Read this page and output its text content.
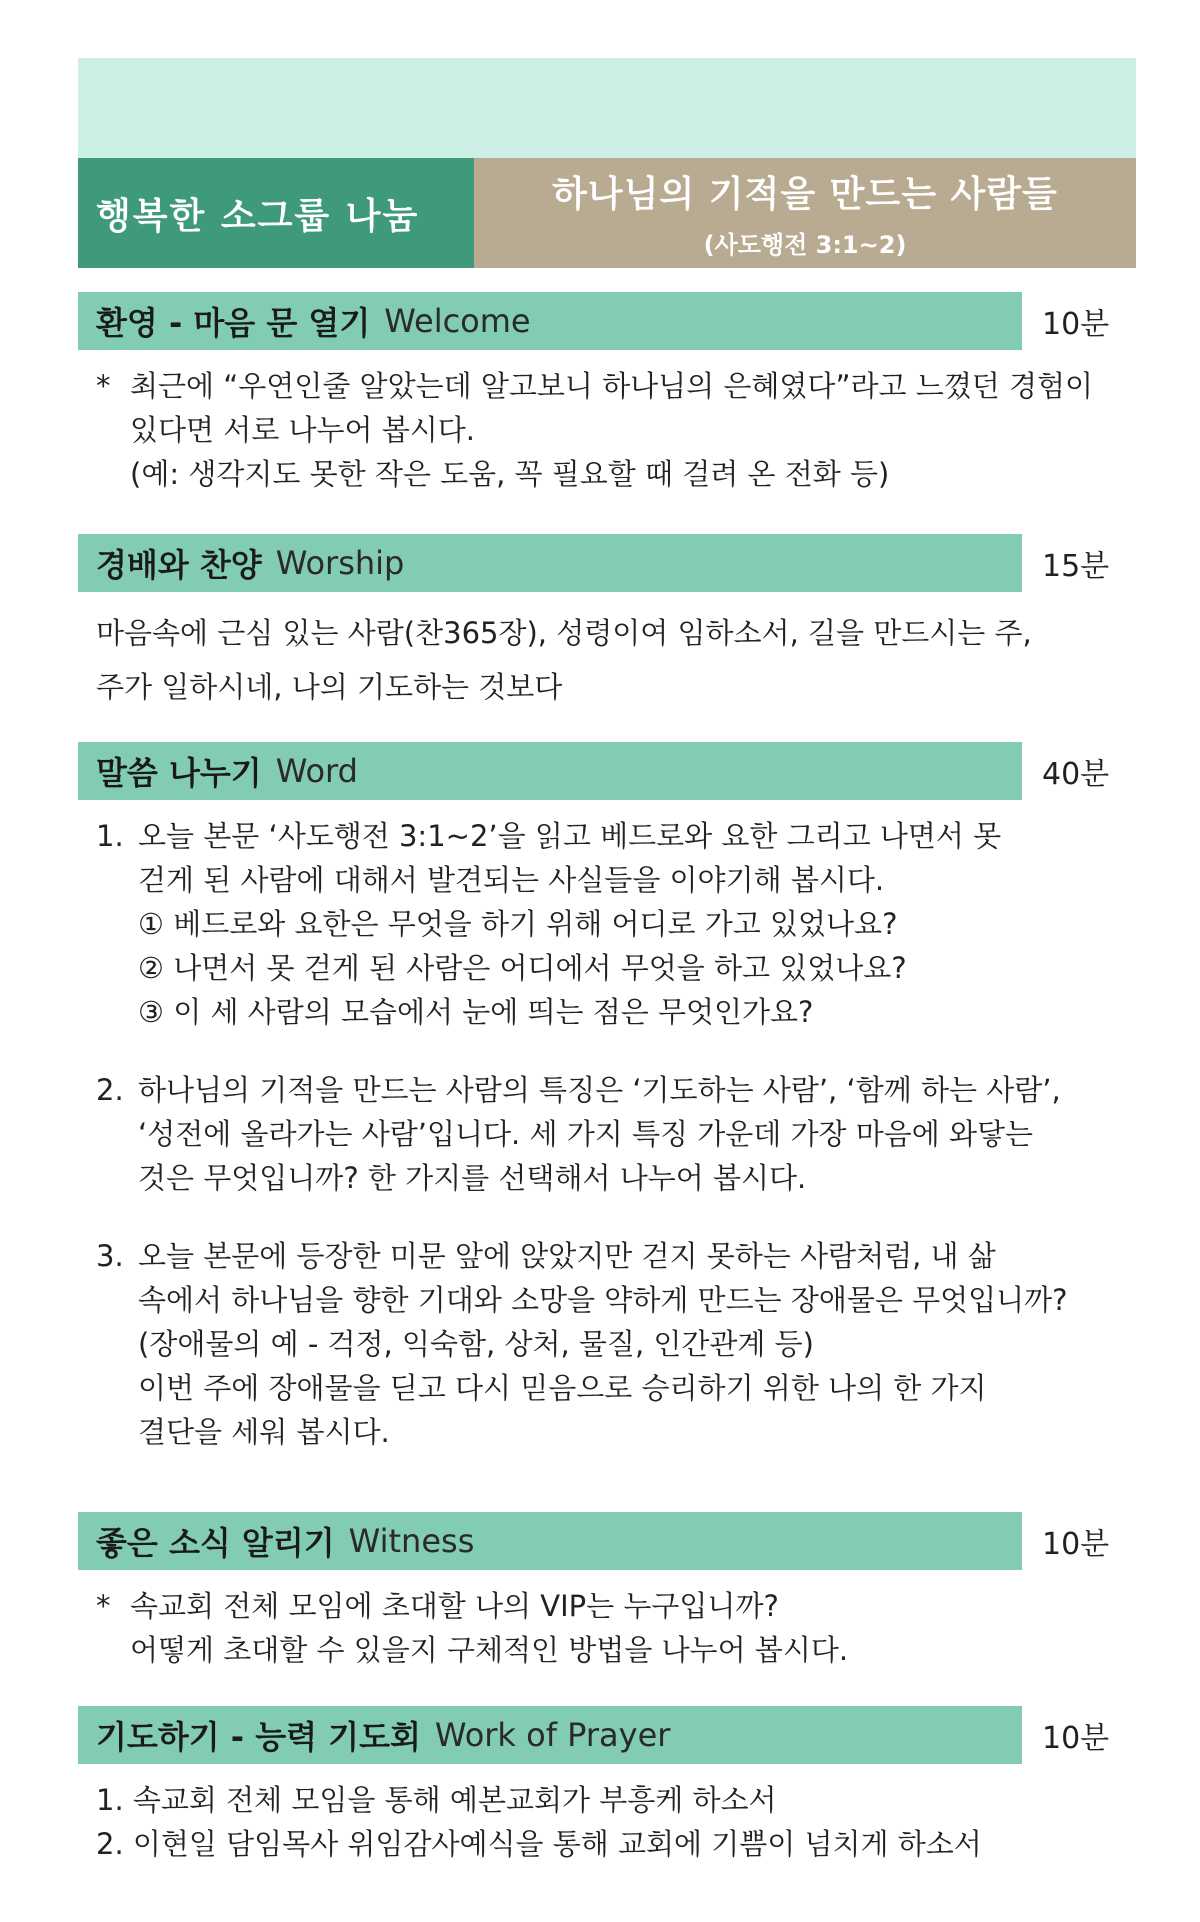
행복한 소그룹 나눔
하나님의 기적을 만드는 사람들
(사도행전 3:1~2)
환영 - 마음 문 열기 Welcome	10분
* 최근에 “우연인줄 알았는데 알고보니 하나님의 은혜였다”라고 느꼈던 경험이
있다면 서로 나누어 봅시다.
(예: 생각지도 못한 작은 도움, 꼭 필요할 때 걸려 온 전화 등)
경배와 찬양 Worship	15분
마음속에 근심 있는 사람(찬365장), 성령이여 임하소서, 길을 만드시는 주,
주가 일하시네, 나의 기도하는 것보다
말씀 나누기 Word	40분
1. 오늘 본문 ‘사도행전 3:1~2’을 읽고 베드로와 요한 그리고 나면서 못
걷게 된 사람에 대해서 발견되는 사실들을 이야기해 봅시다.
① 베드로와 요한은 무엇을 하기 위해 어디로 가고 있었나요?
② 나면서 못 걷게 된 사람은 어디에서 무엇을 하고 있었나요?
③ 이 세 사람의 모습에서 눈에 띄는 점은 무엇인가요?
2. 하나님의 기적을 만드는 사람의 특징은 ‘기도하는 사람’, ‘함께 하는 사람’,
‘성전에 올라가는 사람’입니다. 세 가지 특징 가운데 가장 마음에 와닿는
것은 무엇입니까? 한 가지를 선택해서 나누어 봅시다.
3. 오늘 본문에 등장한 미문 앞에 앉았지만 걷지 못하는 사람처럼, 내 삶
속에서 하나님을 향한 기대와 소망을 약하게 만드는 장애물은 무엇입니까?
(장애물의 예 - 걱정, 익숙함, 상처, 물질, 인간관계 등)
이번 주에 장애물을 딛고 다시 믿음으로 승리하기 위한 나의 한 가지
결단을 세워 봅시다.
좋은 소식 알리기 Witness	10분
* 속교회 전체 모임에 초대할 나의 VIP는 누구입니까?
어떻게 초대할 수 있을지 구체적인 방법을 나누어 봅시다.
기도하기 - 능력 기도회 Work of Prayer	10분
1. 속교회 전체 모임을 통해 예본교회가 부흥케 하소서
2. 이현일 담임목사 위임감사예식을 통해 교회에 기쁨이 넘치게 하소서
